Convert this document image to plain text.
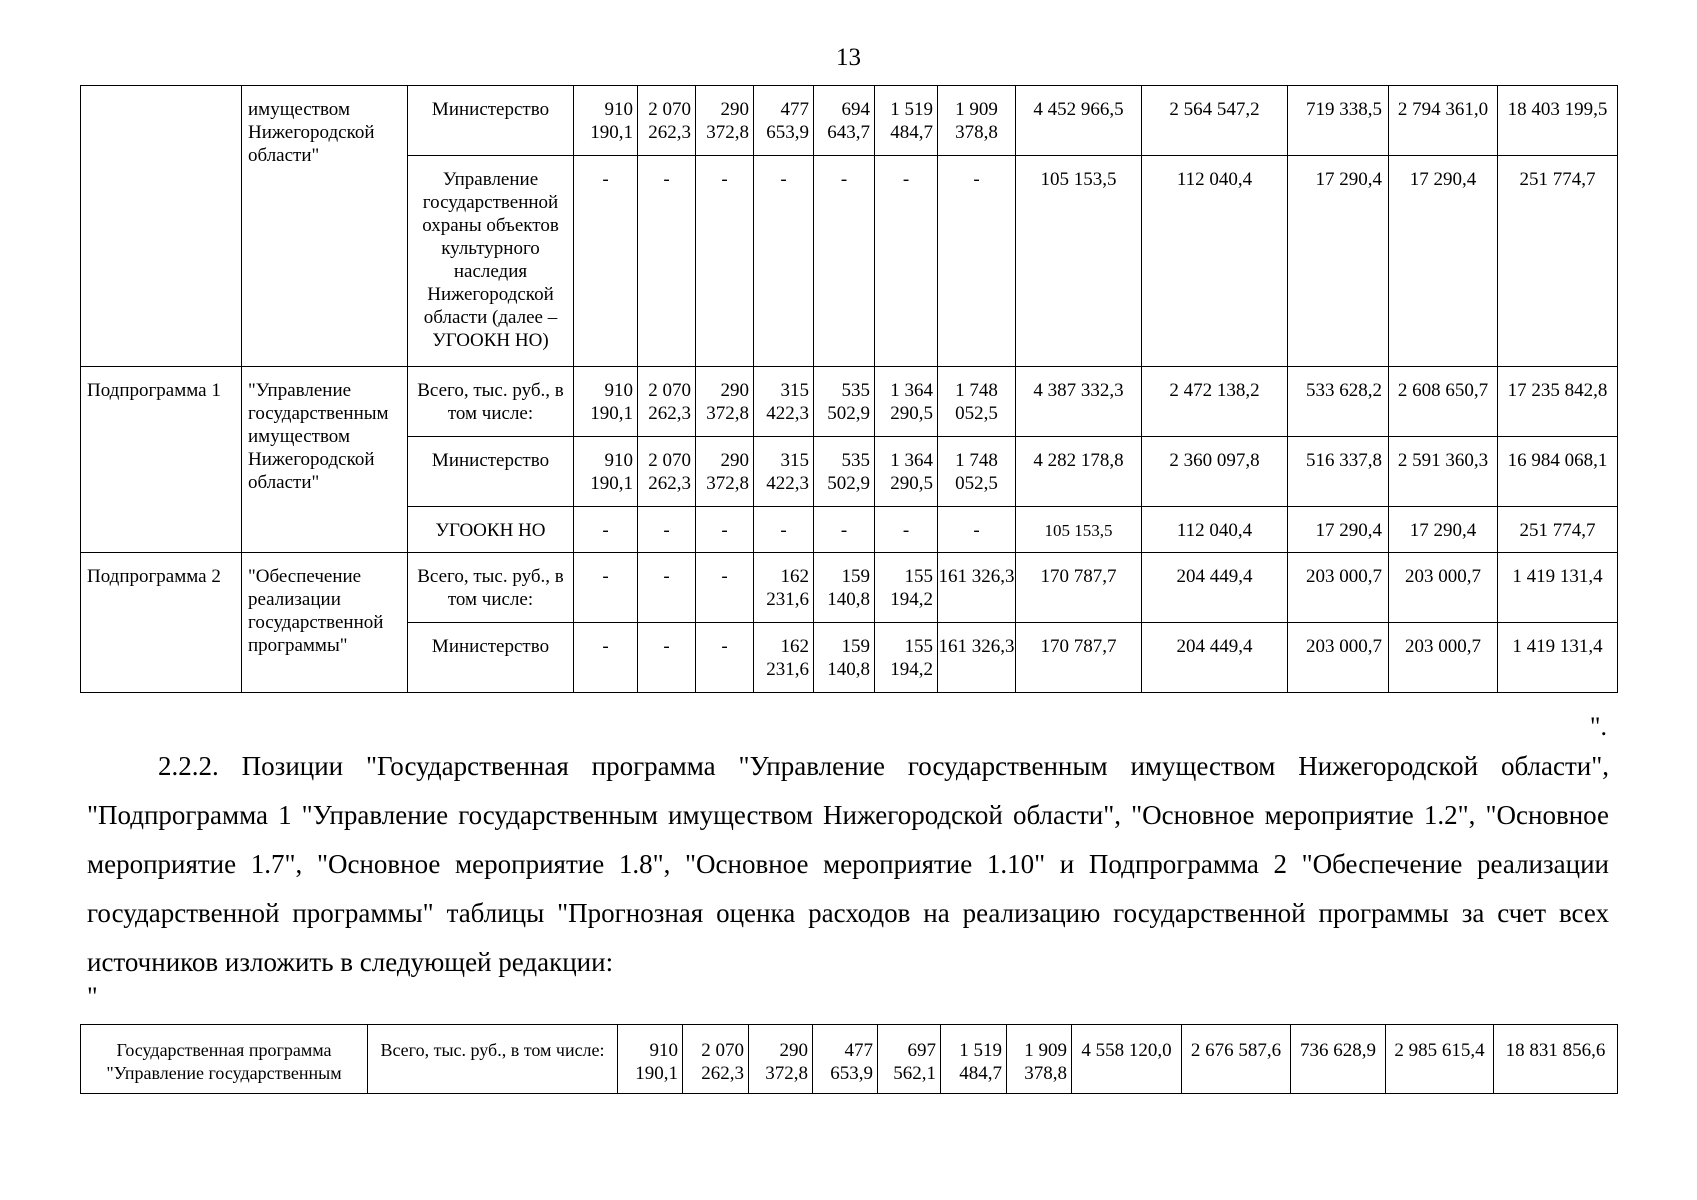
13
	имуществом Нижегородской области"	Министерство	910 190,1	2 070 262,3	290 372,8	477 653,9	694 643,7	1 519 484,7	1 909 378,8	4 452 966,5	2 564 547,2	719 338,5	2 794 361,0	18 403 199,5
		Управление государственной охраны объектов культурного наследия Нижегородской области (далее – УГООКН НО)	-	-	-	-	-	-	-	105 153,5	112 040,4	17 290,4	17 290,4	251 774,7
Подпрограмма 1	"Управление государственным имуществом Нижегородской области"	Всего, тыс. руб., в том числе:	910 190,1	2 070 262,3	290 372,8	315 422,3	535 502,9	1 364 290,5	1 748 052,5	4 387 332,3	2 472 138,2	533 628,2	2 608 650,7	17 235 842,8
		Министерство	910 190,1	2 070 262,3	290 372,8	315 422,3	535 502,9	1 364 290,5	1 748 052,5	4 282 178,8	2 360 097,8	516 337,8	2 591 360,3	16 984 068,1
		УГООКН НО	-	-	-	-	-	-	-	105 153,5	112 040,4	17 290,4	17 290,4	251 774,7
Подпрограмма 2	"Обеспечение реализации государственной программы"	Всего, тыс. руб., в том числе:	-	-	-	162 231,6	159 140,8	155 194,2	161 326,3	170 787,7	204 449,4	203 000,7	203 000,7	1 419 131,4
		Министерство	-	-	-	162 231,6	159 140,8	155 194,2	161 326,3	170 787,7	204 449,4	203 000,7	203 000,7	1 419 131,4
".
2.2.2. Позиции "Государственная программа "Управление государственным имуществом Нижегородской области", "Подпрограмма 1 "Управление государственным имуществом Нижегородской области", "Основное мероприятие 1.2", "Основное мероприятие 1.7", "Основное мероприятие 1.8", "Основное мероприятие 1.10" и Подпрограмма 2 "Обеспечение реализации государственной программы" таблицы "Прогнозная оценка расходов на реализацию государственной программы за счет всех источников изложить в следующей редакции:
"
Государственная программа "Управление государственным	Всего, тыс. руб., в том числе:	910 190,1	2 070 262,3	290 372,8	477 653,9	697 562,1	1 519 484,7	1 909 378,8	4 558 120,0	2 676 587,6	736 628,9	2 985 615,4	18 831 856,6
